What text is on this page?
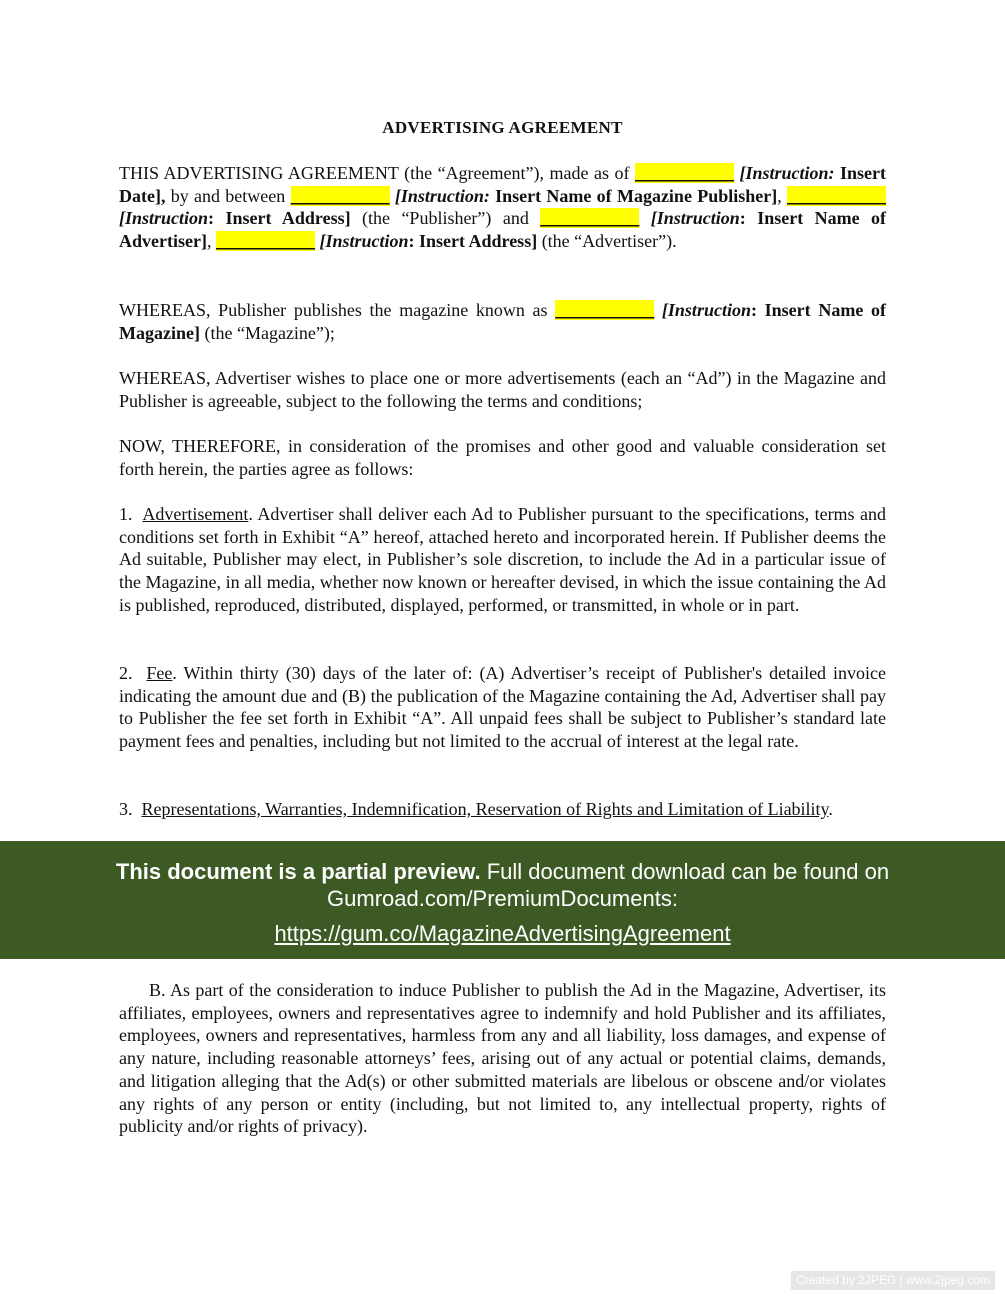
ADVERTISING AGREEMENT
THIS ADVERTISING AGREEMENT (the “Agreement”), made as of ___________ [Instruction: Insert Date], by and between ___________ [Instruction: Insert Name of Magazine Publisher], ___________ [Instruction: Insert Address] (the “Publisher”) and ___________ [Instruction: Insert Name of Advertiser], ___________ [Instruction: Insert Address] (the “Advertiser”).
WHEREAS, Publisher publishes the magazine known as ___________ [Instruction: Insert Name of Magazine] (the “Magazine”);
WHEREAS, Advertiser wishes to place one or more advertisements (each an “Ad”) in the Magazine and Publisher is agreeable, subject to the following the terms and conditions;
NOW, THEREFORE, in consideration of the promises and other good and valuable consideration set forth herein, the parties agree as follows:
1.  Advertisement. Advertiser shall deliver each Ad to Publisher pursuant to the specifications, terms and conditions set forth in Exhibit “A” hereof, attached hereto and incorporated herein. If Publisher deems the Ad suitable, Publisher may elect, in Publisher’s sole discretion, to include the Ad in a particular issue of the Magazine, in all media, whether now known or hereafter devised, in which the issue containing the Ad is published, reproduced, distributed, displayed, performed, or transmitted, in whole or in part.
2.  Fee. Within thirty (30) days of the later of: (A) Advertiser’s receipt of Publisher's detailed invoice indicating the amount due and (B) the publication of the Magazine containing the Ad, Advertiser shall pay to Publisher the fee set forth in Exhibit “A”. All unpaid fees shall be subject to Publisher’s standard late payment fees and penalties, including but not limited to the accrual of interest at the legal rate.
3.  Representations, Warranties, Indemnification, Reservation of Rights and Limitation of Liability.
This document is a partial preview. Full document download can be found on Gumroad.com/PremiumDocuments:
https://gum.co/MagazineAdvertisingAgreement
B. As part of the consideration to induce Publisher to publish the Ad in the Magazine, Advertiser, its affiliates, employees, owners and representatives agree to indemnify and hold Publisher and its affiliates, employees, owners and representatives, harmless from any and all liability, loss damages, and expense of any nature, including reasonable attorneys’ fees, arising out of any actual or potential claims, demands, and litigation alleging that the Ad(s) or other submitted materials are libelous or obscene and/or violates any rights of any person or entity (including, but not limited to, any intellectual property, rights of publicity and/or rights of privacy).
Created by 2JPEG | www.2jpeg.com
